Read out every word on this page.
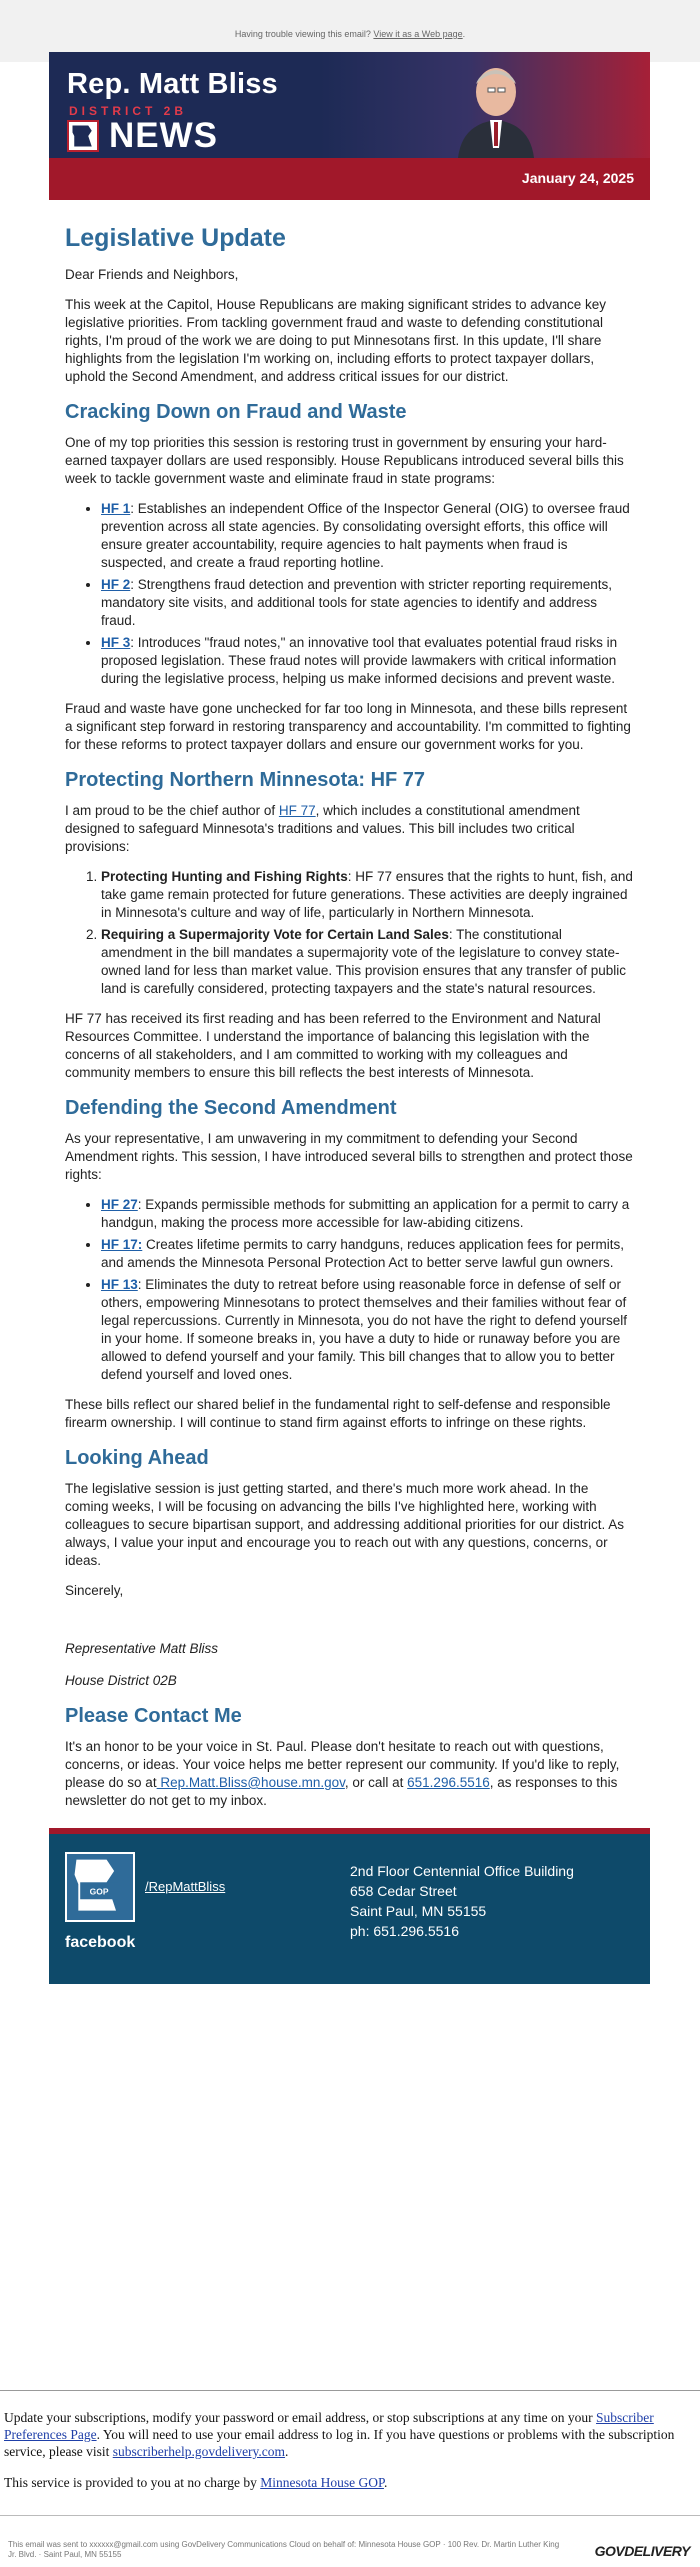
Having trouble viewing this email? View it as a Web page.
Rep. Matt Bliss
DISTRICT 2B
NEWS
January 24, 2025
Legislative Update

Dear Friends and Neighbors,

This week at the Capitol, House Republicans are making significant strides to advance key legislative priorities. From tackling government fraud and waste to defending constitutional rights, I'm proud of the work we are doing to put Minnesotans first. In this update, I'll share highlights from the legislation I'm working on, including efforts to protect taxpayer dollars, uphold the Second Amendment, and address critical issues for our district.

Cracking Down on Fraud and Waste

One of my top priorities this session is restoring trust in government by ensuring your hard-earned taxpayer dollars are used responsibly. House Republicans introduced several bills this week to tackle government waste and eliminate fraud in state programs:

• HF 1: Establishes an independent Office of the Inspector General (OIG) to oversee fraud prevention across all state agencies. By consolidating oversight efforts, this office will ensure greater accountability, require agencies to halt payments when fraud is suspected, and create a fraud reporting hotline.
• HF 2: Strengthens fraud detection and prevention with stricter reporting requirements, mandatory site visits, and additional tools for state agencies to identify and address fraud.
• HF 3: Introduces "fraud notes," an innovative tool that evaluates potential fraud risks in proposed legislation. These fraud notes will provide lawmakers with critical information during the legislative process, helping us make informed decisions and prevent waste.

Fraud and waste have gone unchecked for far too long in Minnesota, and these bills represent a significant step forward in restoring transparency and accountability. I'm committed to fighting for these reforms to protect taxpayer dollars and ensure our government works for you.

Protecting Northern Minnesota: HF 77

I am proud to be the chief author of HF 77, which includes a constitutional amendment designed to safeguard Minnesota's traditions and values. This bill includes two critical provisions:

1. Protecting Hunting and Fishing Rights: HF 77 ensures that the rights to hunt, fish, and take game remain protected for future generations. These activities are deeply ingrained in Minnesota's culture and way of life, particularly in Northern Minnesota.
2. Requiring a Supermajority Vote for Certain Land Sales: The constitutional amendment in the bill mandates a supermajority vote of the legislature to convey state-owned land for less than market value. This provision ensures that any transfer of public land is carefully considered, protecting taxpayers and the state's natural resources.

HF 77 has received its first reading and has been referred to the Environment and Natural Resources Committee. I understand the importance of balancing this legislation with the concerns of all stakeholders, and I am committed to working with my colleagues and community members to ensure this bill reflects the best interests of Minnesota.

Defending the Second Amendment

As your representative, I am unwavering in my commitment to defending your Second Amendment rights. This session, I have introduced several bills to strengthen and protect those rights:

• HF 27: Expands permissible methods for submitting an application for a permit to carry a handgun, making the process more accessible for law-abiding citizens.
• HF 17: Creates lifetime permits to carry handguns, reduces application fees for permits, and amends the Minnesota Personal Protection Act to better serve lawful gun owners.
• HF 13: Eliminates the duty to retreat before using reasonable force in defense of self or others, empowering Minnesotans to protect themselves and their families without fear of legal repercussions. Currently in Minnesota, you do not have the right to defend yourself in your home. If someone breaks in, you have a duty to hide or runaway before you are allowed to defend yourself and your family. This bill changes that to allow you to better defend yourself and loved ones.

These bills reflect our shared belief in the fundamental right to self-defense and responsible firearm ownership. I will continue to stand firm against efforts to infringe on these rights.

Looking Ahead

The legislative session is just getting started, and there's much more work ahead. In the coming weeks, I will be focusing on advancing the bills I've highlighted here, working with colleagues to secure bipartisan support, and addressing additional priorities for our district. As always, I value your input and encourage you to reach out with any questions, concerns, or ideas.

Sincerely,

Representative Matt Bliss

House District 02B

Please Contact Me

It's an honor to be your voice in St. Paul. Please don't hesitate to reach out with questions, concerns, or ideas. Your voice helps me better represent our community. If you'd like to reply, please do so at Rep.Matt.Bliss@house.mn.gov, or call at 651.296.5516, as responses to this newsletter do not get to my inbox.

GOP
facebook
/RepMattBliss
2nd Floor Centennial Office Building
658 Cedar Street
Saint Paul, MN 55155
ph: 651.296.5516

Update your subscriptions, modify your password or email address, or stop subscriptions at any time on your Subscriber Preferences Page. You will need to use your email address to log in. If you have questions or problems with the subscription service, please visit subscriberhelp.govdelivery.com.

This service is provided to you at no charge by Minnesota House GOP.

This email was sent to xxxxxx@gmail.com using GovDelivery Communications Cloud on behalf of: Minnesota House GOP · 100 Rev. Dr. Martin Luther King Jr. Blvd. · Saint Paul, MN 55155	GOVDELIVERY
